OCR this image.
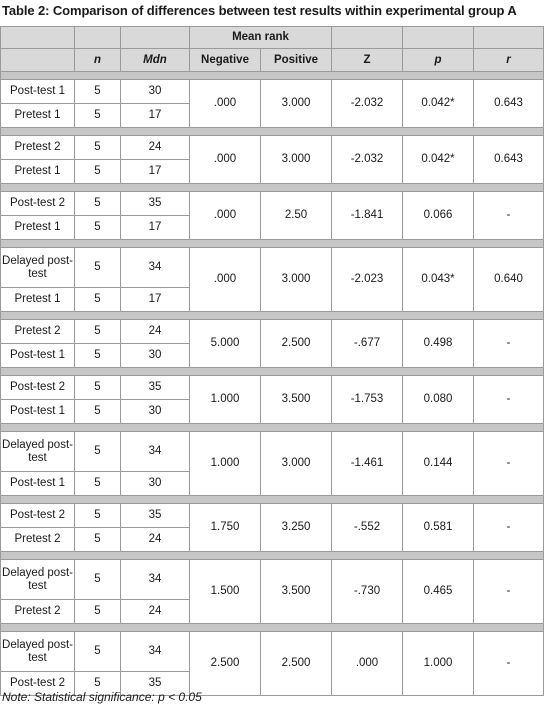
Table 2: Comparison of differences between test results within experimental group A
			Mean rank				
	n	Mdn	Negative	Positive	Z	p	r

Post-test 1	5	30	.000	3.000	-2.032	0.042*	0.643
Pretest 1	5	17					

Pretest 2	5	24	.000	3.000	-2.032	0.042*	0.643
Pretest 1	5	17					

Post-test 2	5	35	.000	2.50	-1.841	0.066	-
Pretest 1	5	17					

Delayed post-test	5	34	.000	3.000	-2.023	0.043*	0.640
Pretest 1	5	17					

Pretest 2	5	24	5.000	2.500	-.677	0.498	-
Post-test 1	5	30					

Post-test 2	5	35	1.000	3.500	-1.753	0.080	-
Post-test 1	5	30					

Delayed post-test	5	34	1.000	3.000	-1.461	0.144	-
Post-test 1	5	30					

Post-test 2	5	35	1.750	3.250	-.552	0.581	-
Pretest 2	5	24					

Delayed post-test	5	34	1.500	3.500	-.730	0.465	-
Pretest 2	5	24					

Delayed post-test	5	34	2.500	2.500	.000	1.000	-
Post-test 2	5	35					
Note: Statistical significance: p < 0.05
